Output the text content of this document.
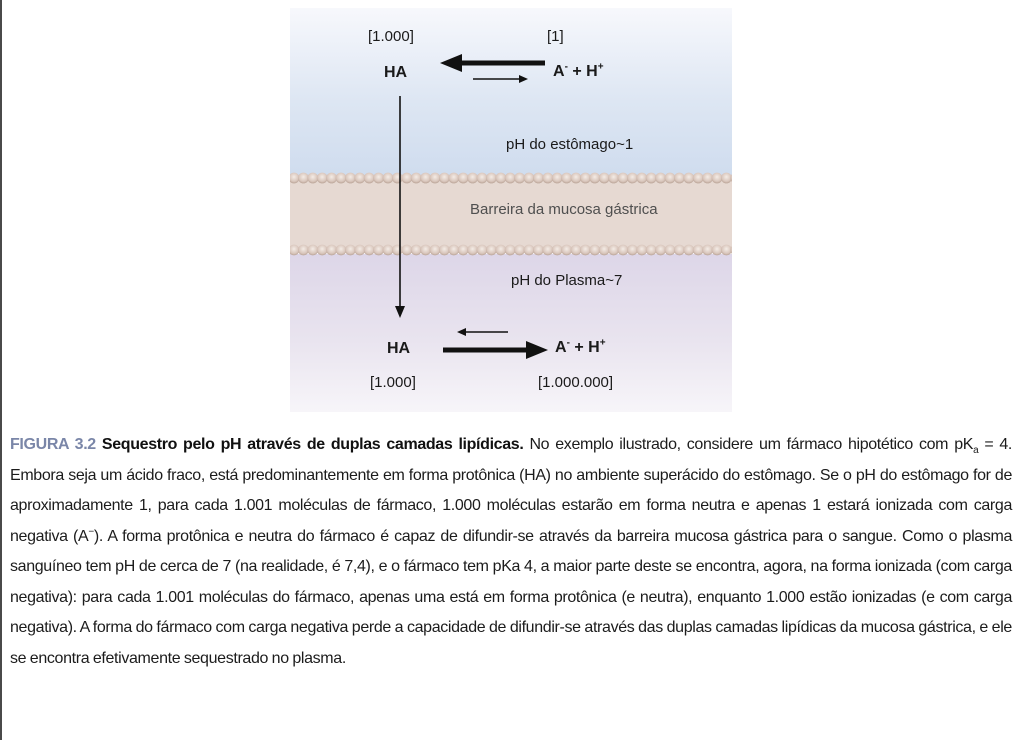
[1.000]	[1]
HA	A- + H+
pH do estômago~1
Barreira da mucosa gástrica
pH do Plasma~7
HA	A- + H+
[1.000]	[1.000.000]
FIGURA 3.2 Sequestro pelo pH através de duplas camadas lipídicas. No exemplo ilustrado, considere um fármaco hipotético com $pK_a = 4$. Embora seja um ácido fraco, está predominantemente em forma protônica (HA) no ambiente superácido do estômago. Se o pH do estômago for de aproximadamente 1, para cada 1.001 moléculas de fármaco, 1.000 moléculas estarão em forma neutra e apenas 1 estará ionizada com carga negativa (A−). A forma protônica e neutra do fármaco é capaz de difundir-se através da barreira mucosa gástrica para o sangue. Como o plasma sanguíneo tem pH de cerca de 7 (na realidade, é 7,4), e o fármaco tem pKa 4, a maior parte deste se encontra, agora, na forma ionizada (com carga negativa): para cada 1.001 moléculas do fármaco, apenas uma está em forma protônica (e neutra), enquanto 1.000 estão ionizadas (e com carga negativa). A forma do fármaco com carga negativa perde a capacidade de difundir-se através das duplas camadas lipídicas da mucosa gástrica, e ele se encontra efetivamente sequestrado no plasma.
